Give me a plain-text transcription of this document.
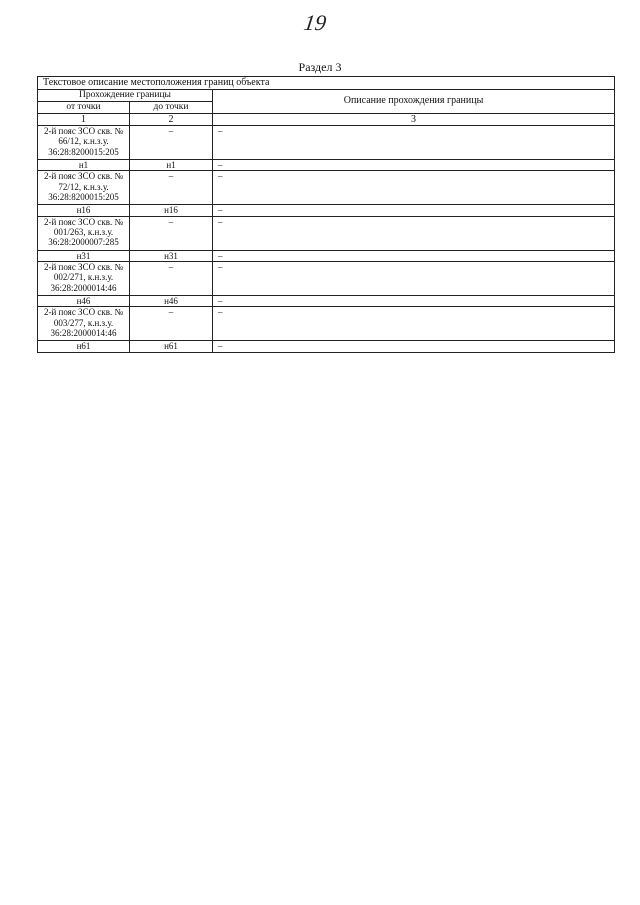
19
Раздел 3
Текстовое описание местоположения границ объекта		
Прохождение границы		Описание прохождения границы
от точки	до точки	
1	2	3
2-й пояс ЗСО скв. № 66/12, к.н.з.у. 36:28:8200015:205	–	–
н1	н1	–
2-й пояс ЗСО скв. № 72/12, к.н.з.у. 36:28:8200015:205	–	–
н16	н16	–
2-й пояс ЗСО скв. № 001/263, к.н.з.у. 36:28:2000007:285	–	–
н31	н31	–
2-й пояс ЗСО скв. № 002/271, к.н.з.у. 36:28:2000014:46	–	–
н46	н46	–
2-й пояс ЗСО скв. № 003/277, к.н.з.у. 36:28:2000014:46	–	–
н61	н61	–
